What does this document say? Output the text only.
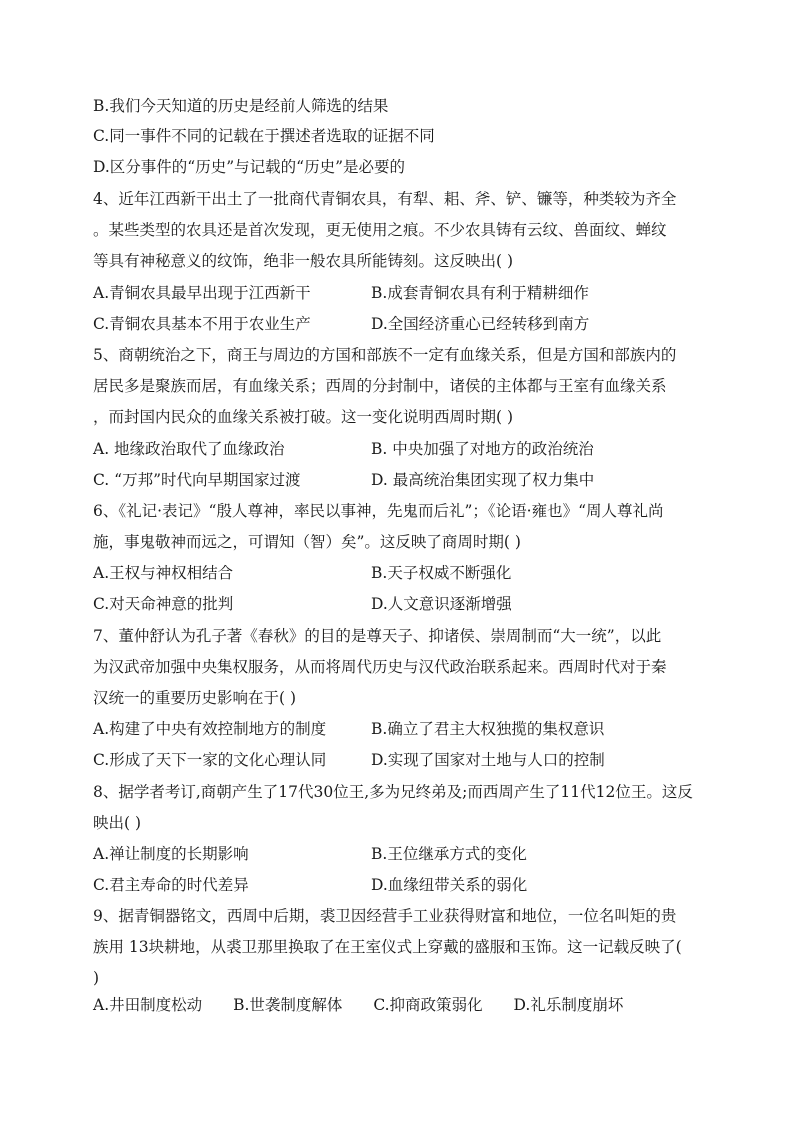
B.我们今天知道的历史是经前人筛选的结果
C.同一事件不同的记载在于撰述者选取的证据不同
D.区分事件的“历史”与记载的“历史”是必要的
4、近年江西新干出土了一批商代青铜农具，有犁、耜、斧、铲、镰等，种类较为齐全
。某些类型的农具还是首次发现，更无使用之痕。不少农具铸有云纹、兽面纹、蝉纹
等具有神秘意义的纹饰，绝非一般农具所能铸刻。这反映出( )
A.青铜农具最早出现于江西新干	B.成套青铜农具有利于精耕细作
C.青铜农具基本不用于农业生产	D.全国经济重心已经转移到南方
5、商朝统治之下，商王与周边的方国和部族不一定有血缘关系，但是方国和部族内的
居民多是聚族而居，有血缘关系；西周的分封制中，诸侯的主体都与王室有血缘关系
，而封国内民众的血缘关系被打破。这一变化说明西周时期( )
A. 地缘政治取代了血缘政治	B. 中央加强了对地方的政治统治
C. “万邦”时代向早期国家过渡	D. 最高统治集团实现了权力集中
6、《礼记·表记》“殷人尊神，率民以事神，先鬼而后礼”；《论语·雍也》“周人尊礼尚
施，事鬼敬神而远之，可谓知（智）矣”。这反映了商周时期( )
A.王权与神权相结合	B.天子权威不断强化
C.对天命神意的批判	D.人文意识逐渐增强
7、董仲舒认为孔子著《春秋》的目的是尊天子、抑诸侯、崇周制而“大一统”，以此
为汉武帝加强中央集权服务，从而将周代历史与汉代政治联系起来。西周时代对于秦
汉统一的重要历史影响在于( )
A.构建了中央有效控制地方的制度	B.确立了君主大权独揽的集权意识
C.形成了天下一家的文化心理认同	D.实现了国家对土地与人口的控制
8、据学者考订,商朝产生了17代30位王,多为兄终弟及;而西周产生了11代12位王。这反
映出( )
A.禅让制度的长期影响	B.王位继承方式的变化
C.君主寿命的时代差异	D.血缘纽带关系的弱化
9、据青铜器铭文，西周中后期，裘卫因经营手工业获得财富和地位，一位名叫矩的贵
族用 13块耕地，从裘卫那里换取了在王室仪式上穿戴的盛服和玉饰。这一记载反映了(
)
A.井田制度松动 B.世袭制度解体 C.抑商政策弱化 D.礼乐制度崩坏
